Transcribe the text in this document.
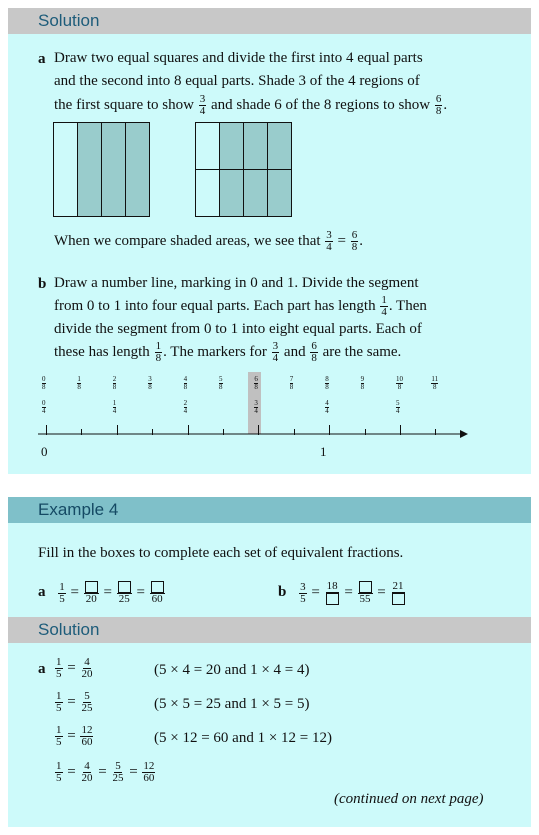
Solution
a Draw two equal squares and divide the first into 4 equal parts
and the second into 8 equal parts. Shade 3 of the 4 regions of
the first square to show $\frac{3}{4}$ and shade 6 of the 8 regions to show $\frac{6}{8}$ .
When we compare shaded areas, we see that $\frac{3}{4} = \frac{6}{8}$ .
b Draw a number line, marking in 0 and 1. Divide the segment
from 0 to 1 into four equal parts. Each part has length $\frac{1}{4}$ . Then
divide the segment from 0 to 1 into eight equal parts. Each of
these has length $\frac{1}{8}$ . The markers for $\frac{3}{4}$ and $\frac{6}{8}$ are the same.
0
8
1
8
2
8
3
8
4
8
5
8
6
8
7
8
8
8
9
8
10
8
11
8
0
4
1
4
2
4
3
4
4
4
5
4
0	1
Example 4
Fill in the boxes to complete each set of equivalent fractions.
a $\frac{1}{5} = 20 = 25 = 60$	b $\frac{3}{5} = 18 = 55 = 21$
Solution
a $\frac{1}{5} = \frac{4}{20}$	(5 × 4 = 20 and 1 × 4 = 4)
$\frac{1}{5} = \frac{5}{25}$	(5 × 5 = 25 and 1 × 5 = 5)
$\frac{1}{5} = \frac{12}{60}$	(5 × 12 = 60 and 1 × 12 = 12)
$\frac{1}{5} = \frac{4}{20} = \frac{5}{25} = \frac{12}{60}$
(continued on next page)
